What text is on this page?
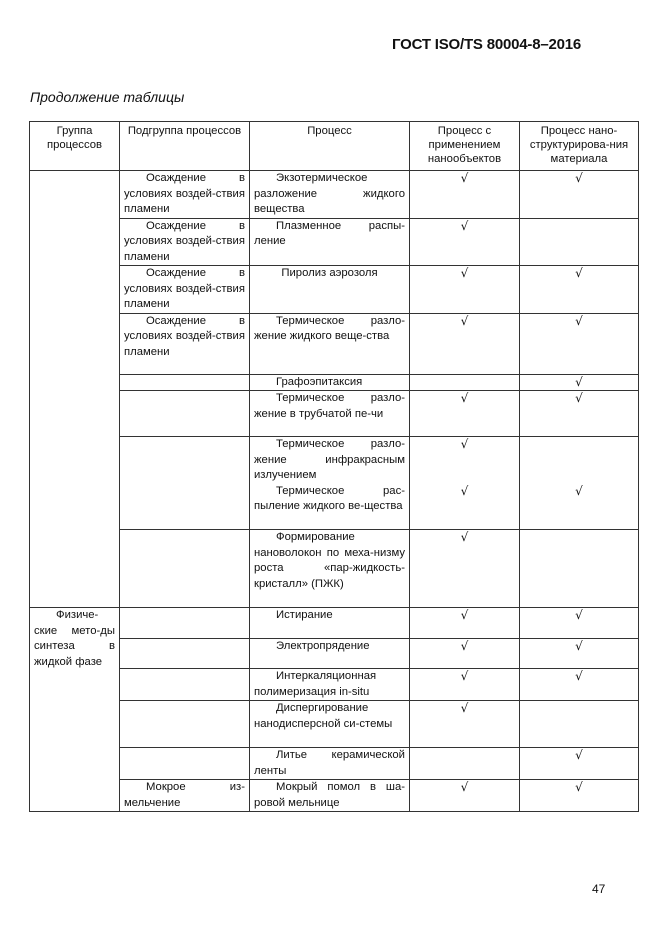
ГОСТ ISO/TS 80004-8–2016
Продолжение таблицы
Группа процессов	Подгруппа процессов	Процесс	Процесс с применением нанообъектов	Процесс нано-структурирова-ния материала
	Осаждение в условиях воздей-ствия пламени	Экзотермическое разложение жидкого вещества	√	√
	Осаждение в условиях воздей-ствия пламени	Плазменное распы-ление	√	
	Осаждение в условиях воздей-ствия пламени	Пиролиз аэрозоля	√	√
	Осаждение в условиях воздей-ствия пламени	Термическое разло-жение жидкого веще-ства	√	√
		Графоэпитаксия		√
		Термическое разло-жение в трубчатой пе-чи	√	√
		Термическое разло-жение инфракрасным излучением	√	
		Термическое рас-пыление жидкого ве-щества	√	√
		Формирование нановолокон по меха-низму роста «пар-жидкость-кристалл» (ПЖК)	√	
Физиче-ские мето-ды синтеза в жидкой фазе		Истирание	√	√
		Электропрядение	√	√
		Интеркаляционная полимеризация in-situ	√	√
		Диспергирование нанодисперсной си-стемы	√	
		Литье керамической ленты		√
	Мокрое из-мельчение	Мокрый помол в ша-ровой мельнице	√	√
47
